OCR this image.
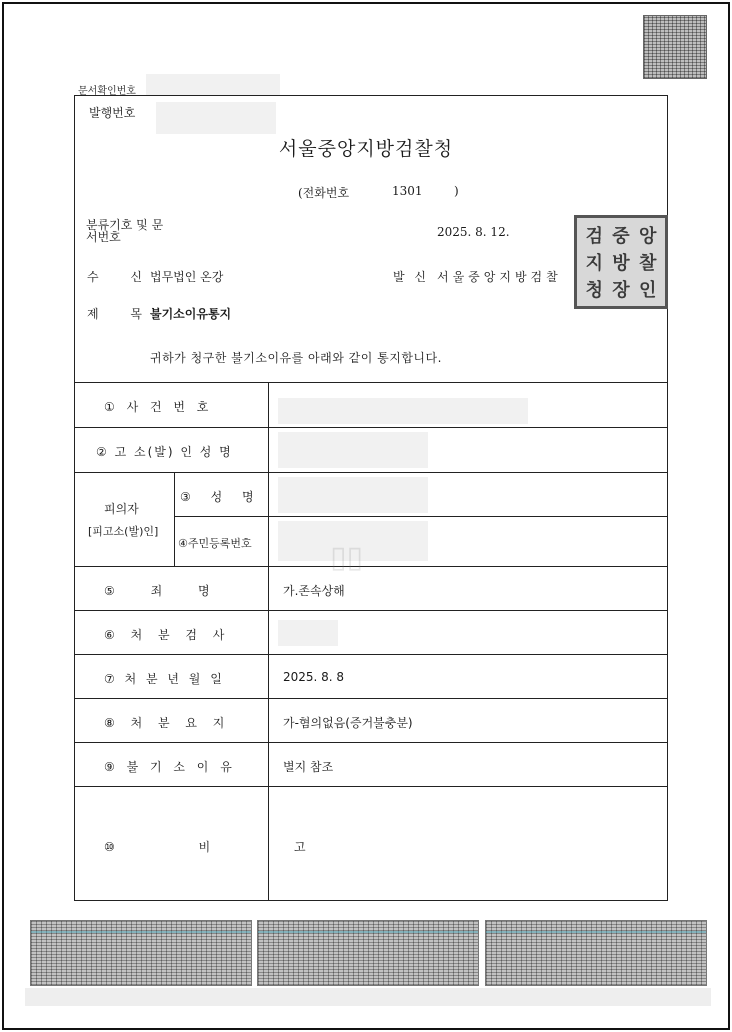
문서확인번호
발행번호
서울중앙지방검찰청
(전화번호	1301	)
분류기호 및 문서번호	2025. 8. 12.
수 신
법무법인 온강	발 신 서울중앙지방검찰
검 중 앙
지 방 찰
청 장 인
제 목
불기소이유통지
귀하가 청구한 불기소이유를 아래와 같이 통지합니다.
▯▯
① 사 건 번 호
② 고 소(발) 인 성 명
피의자
[피고소(발)인]
③ 성 명
④주민등록번호
⑤ 죄 명	가.존속상해
⑥ 처 분 검 사
⑦ 처 분 년 월 일	2025. 8. 8
⑧ 처 분 요 지	가-혐의없음(증거불충분)
⑨ 불 기 소 이 유	별지 참조
⑩ 비 고
